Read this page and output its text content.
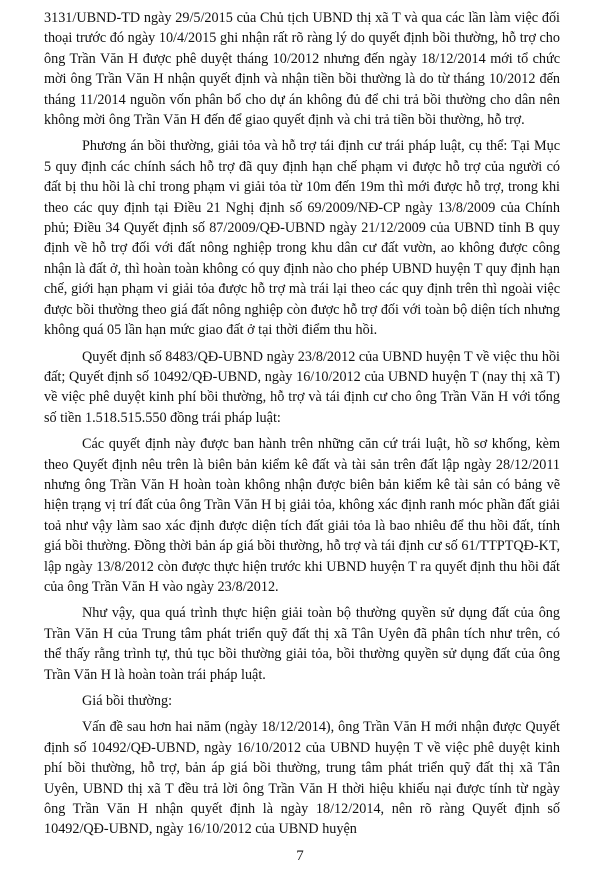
3131/UBND-TD ngày 29/5/2015 của Chủ tịch UBND thị xã T và qua các lần làm việc đối thoại trước đó ngày 10/4/2015 ghi nhận rất rõ ràng lý do quyết định bồi thường, hỗ trợ cho ông Trần Văn H được phê duyệt tháng 10/2012 nhưng đến ngày 18/12/2014 mới tổ chức mời ông Trần Văn H nhận quyết định và nhận tiền bồi thường là do từ tháng 10/2012 đến tháng 11/2014 nguồn vốn phân bổ cho dự án không đủ để chi trả bồi thường cho dân nên không mời ông Trần Văn H đến để giao quyết định và chi trả tiền bồi thường, hỗ trợ.

Phương án bồi thường, giải tỏa và hỗ trợ tái định cư trái pháp luật, cụ thể: Tại Mục 5 quy định các chính sách hỗ trợ đã quy định hạn chế phạm vi được hỗ trợ của người có đất bị thu hồi là chỉ trong phạm vi giải tỏa từ 10m đến 19m thì mới được hỗ trợ, trong khi theo các quy định tại Điều 21 Nghị định số 69/2009/NĐ-CP ngày 13/8/2009 của Chính phủ; Điều 34 Quyết định số 87/2009/QĐ-UBND ngày 21/12/2009 của UBND tỉnh B quy định về hỗ trợ đối với đất nông nghiệp trong khu dân cư đất vườn, ao không được công nhận là đất ở, thì hoàn toàn không có quy định nào cho phép UBND huyện T quy định hạn chế, giới hạn phạm vi giải tỏa được hỗ trợ mà trái lại theo các quy định trên thì ngoài việc được bồi thường theo giá đất nông nghiệp còn được hỗ trợ đối với toàn bộ diện tích nhưng không quá 05 lần hạn mức giao đất ở tại thời điểm thu hồi.

Quyết định số 8483/QĐ-UBND ngày 23/8/2012 của UBND huyện T về việc thu hồi đất; Quyết định số 10492/QĐ-UBND, ngày 16/10/2012 của UBND huyện T (nay thị xã T) về việc phê duyệt kinh phí bồi thường, hỗ trợ và tái định cư cho ông Trần Văn H với tổng số tiền 1.518.515.550 đồng trái pháp luật:

Các quyết định này được ban hành trên những căn cứ trái luật, hồ sơ khống, kèm theo Quyết định nêu trên là biên bản kiểm kê đất và tài sản trên đất lập ngày 28/12/2011 nhưng ông Trần Văn H hoàn toàn không nhận được biên bản kiểm kê tài sản có bảng vẽ hiện trạng vị trí đất của ông Trần Văn H bị giải tỏa, không xác định ranh móc phần đất giải toả như vậy làm sao xác định được diện tích đất giải tỏa là bao nhiêu để thu hồi đất, tính giá bồi thường. Đồng thời bản áp giá bồi thường, hỗ trợ và tái định cư số 61/TTPTQĐ-KT, lập ngày 13/8/2012 còn được thực hiện trước khi UBND huyện T ra quyết định thu hồi đất của ông Trần Văn H vào ngày 23/8/2012.

Như vậy, qua quá trình thực hiện giải toàn bộ thường quyền sử dụng đất của ông Trần Văn H của Trung tâm phát triển quỹ đất thị xã Tân Uyên đã phân tích như trên, có thể thấy rằng trình tự, thủ tục bồi thường giải tỏa, bồi thường quyền sử dụng đất của ông Trần Văn H là hoàn toàn trái pháp luật.

Giá bồi thường:

Vấn đề sau hơn hai năm (ngày 18/12/2014), ông Trần Văn H mới nhận được Quyết định số 10492/QĐ-UBND, ngày 16/10/2012 của UBND huyện T về việc phê duyệt kinh phí bồi thường, hỗ trợ, bản áp giá bồi thường, trung tâm phát triển quỹ đất thị xã Tân Uyên, UBND thị xã T đều trả lời ông Trần Văn H thời hiệu khiếu nại được tính từ ngày ông Trần Văn H nhận quyết định là ngày 18/12/2014, nên rõ ràng Quyết định số 10492/QĐ-UBND, ngày 16/10/2012 của UBND huyện

7
